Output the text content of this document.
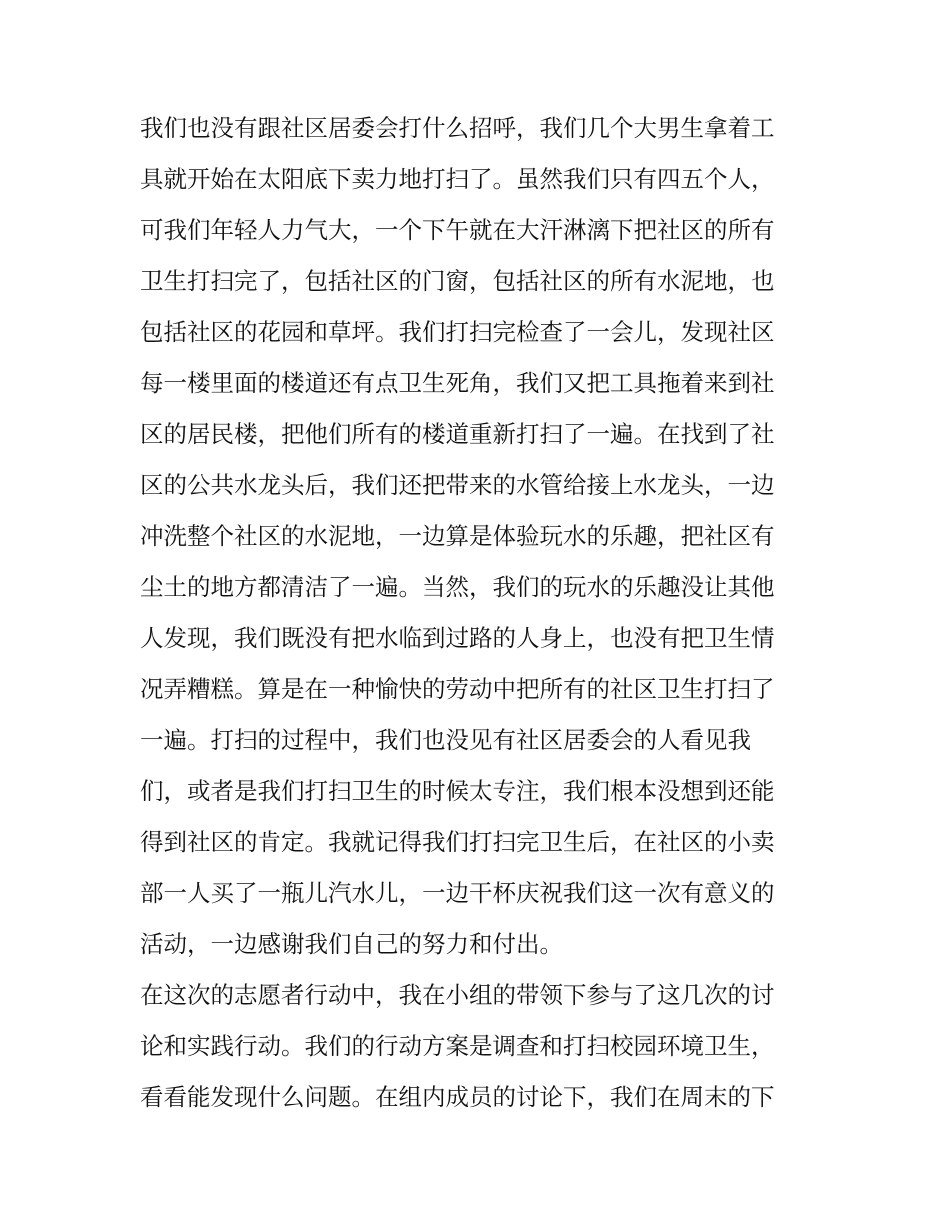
我们也没有跟社区居委会打什么招呼，我们几个大男生拿着工
具就开始在太阳底下卖力地打扫了。虽然我们只有四五个人，
可我们年轻人力气大，一个下午就在大汗淋漓下把社区的所有
卫生打扫完了，包括社区的门窗，包括社区的所有水泥地，也
包括社区的花园和草坪。我们打扫完检查了一会儿，发现社区
每一楼里面的楼道还有点卫生死角，我们又把工具拖着来到社
区的居民楼，把他们所有的楼道重新打扫了一遍。在找到了社
区的公共水龙头后，我们还把带来的水管给接上水龙头，一边
冲洗整个社区的水泥地，一边算是体验玩水的乐趣，把社区有
尘土的地方都清洁了一遍。当然，我们的玩水的乐趣没让其他
人发现，我们既没有把水临到过路的人身上，也没有把卫生情
况弄糟糕。算是在一种愉快的劳动中把所有的社区卫生打扫了
一遍。打扫的过程中，我们也没见有社区居委会的人看见我
们，或者是我们打扫卫生的时候太专注，我们根本没想到还能
得到社区的肯定。我就记得我们打扫完卫生后，在社区的小卖
部一人买了一瓶儿汽水儿，一边干杯庆祝我们这一次有意义的
活动，一边感谢我们自己的努力和付出。
在这次的志愿者行动中，我在小组的带领下参与了这几次的讨
论和实践行动。我们的行动方案是调查和打扫校园环境卫生，
看看能发现什么问题。在组内成员的讨论下，我们在周末的下
